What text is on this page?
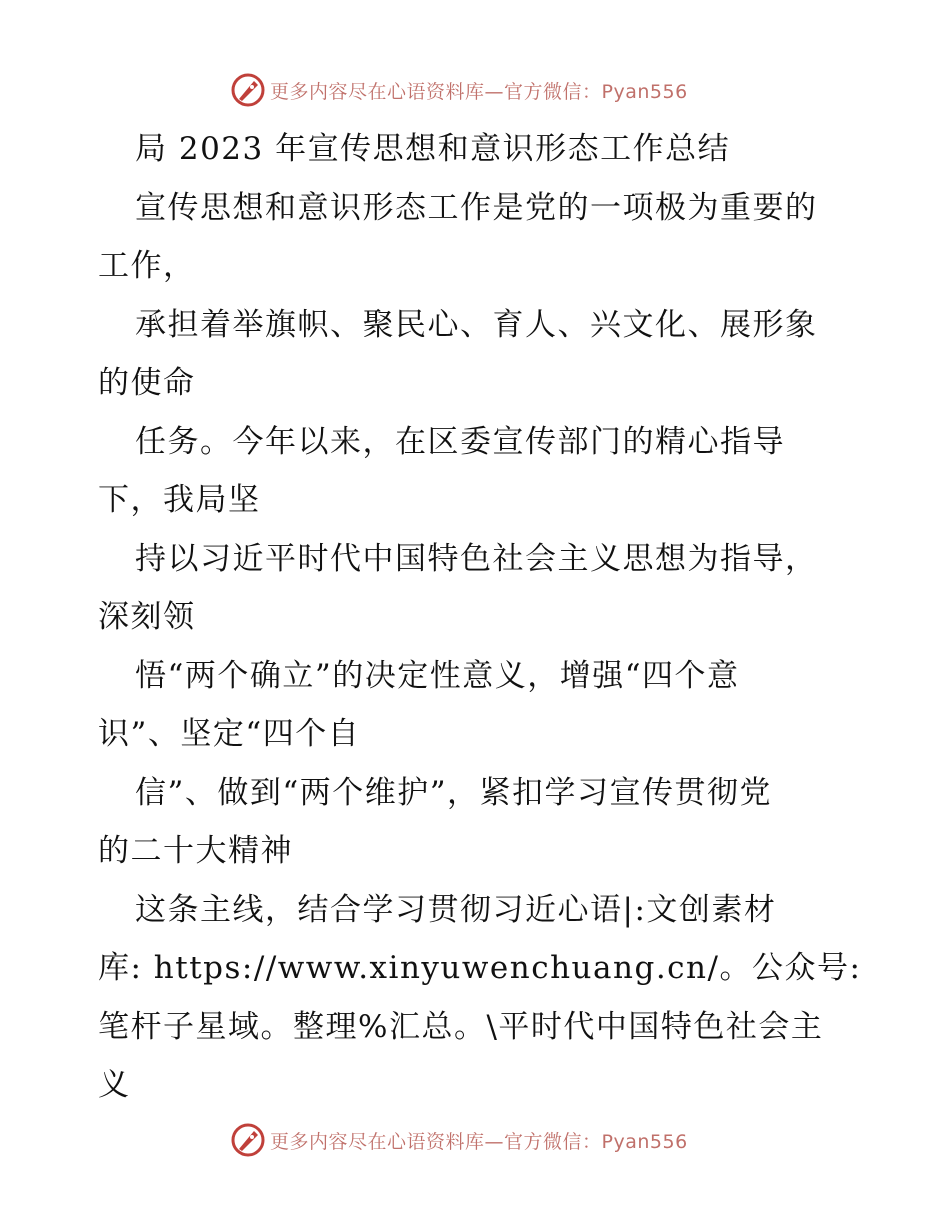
更多内容尽在心语资料库—官方微信：Pyan556
局 2023 年宣传思想和意识形态工作总结
宣传思想和意识形态工作是党的一项极为重要的
工作，
承担着举旗帜、聚民心、育人、兴文化、展形象
的使命
任务。今年以来，在区委宣传部门的精心指导
下，我局坚
持以习近平时代中国特色社会主义思想为指导，
深刻领
悟“两个确立”的决定性意义，增强“四个意
识”、坚定“四个自
信”、做到“两个维护”，紧扣学习宣传贯彻党
的二十大精神
这条主线，结合学习贯彻习近心语|:文创素材
库: https://www.xinyuwenchuang.cn/。公众号:
笔杆子星域。整理%汇总。\平时代中国特色社会主
义
更多内容尽在心语资料库—官方微信：Pyan556
